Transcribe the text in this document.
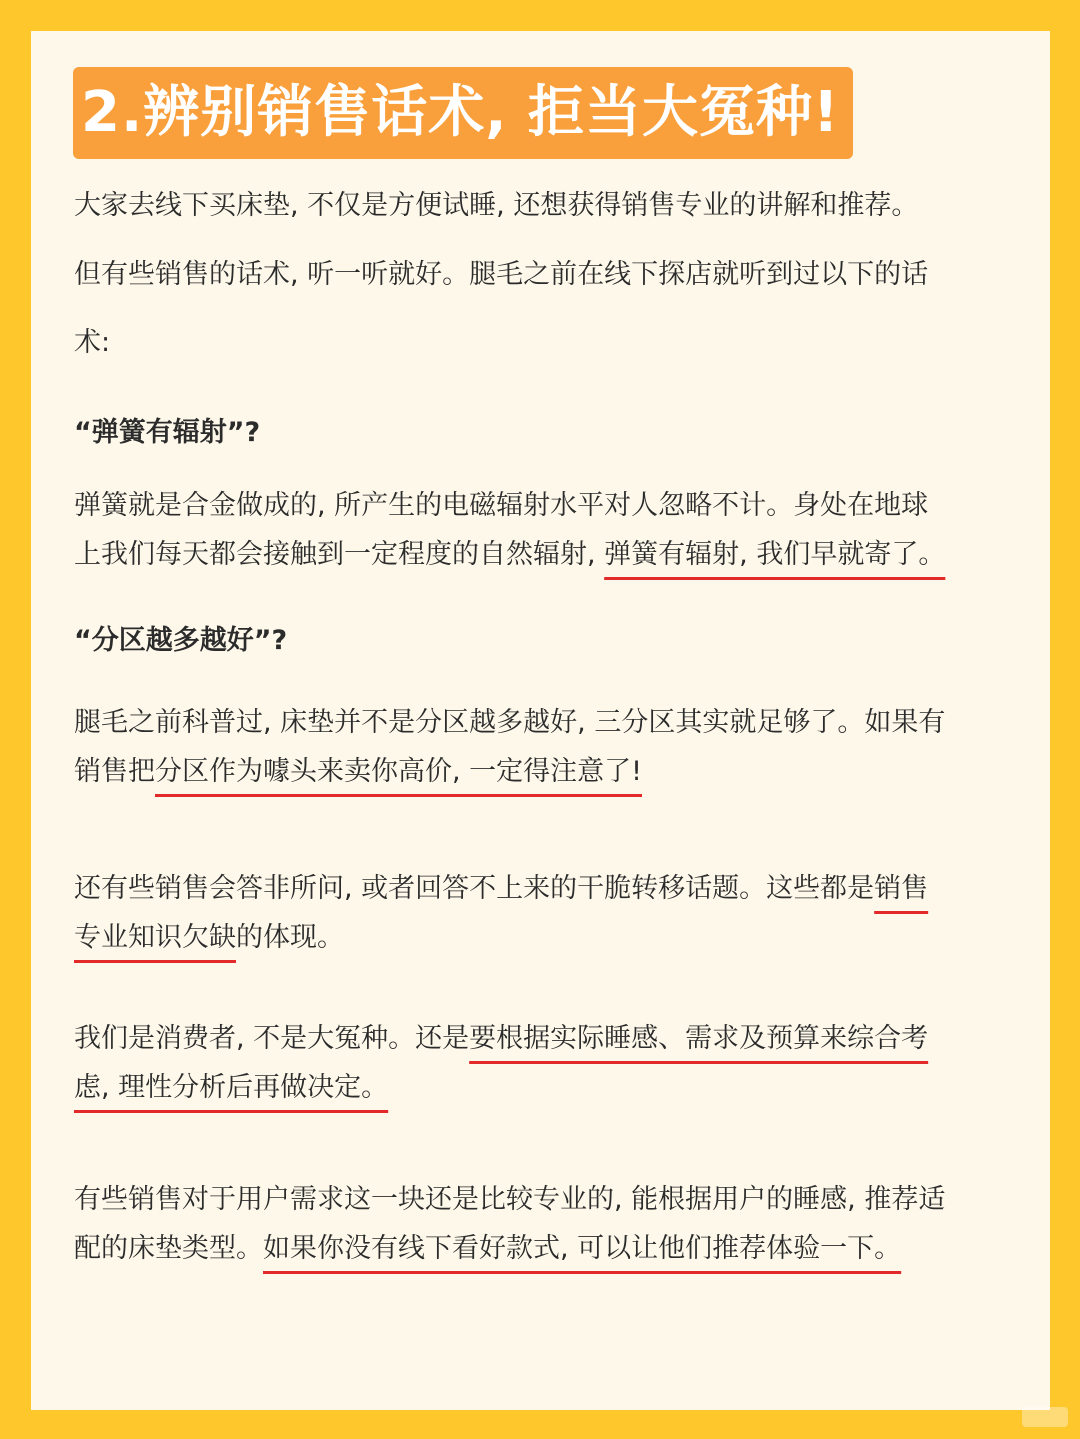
2.辨别销售话术, 拒当大冤种!

大家去线下买床垫, 不仅是方便试睡, 还想获得销售专业的讲解和推荐。

但有些销售的话术, 听一听就好。腿毛之前在线下探店就听到过以下的话

术:

“弹簧有辐射”?

弹簧就是合金做成的, 所产生的电磁辐射水平对人忽略不计。身处在地球

上我们每天都会接触到一定程度的自然辐射, 弹簧有辐射, 我们早就寄了。

“分区越多越好”?

腿毛之前科普过, 床垫并不是分区越多越好, 三分区其实就足够了。如果有

销售把分区作为噱头来卖你高价, 一定得注意了!

还有些销售会答非所问, 或者回答不上来的干脆转移话题。这些都是销售

专业知识欠缺的体现。

我们是消费者, 不是大冤种。还是要根据实际睡感、需求及预算来综合考

虑, 理性分析后再做决定。

有些销售对于用户需求这一块还是比较专业的, 能根据用户的睡感, 推荐适

配的床垫类型。如果你没有线下看好款式, 可以让他们推荐体验一下。
